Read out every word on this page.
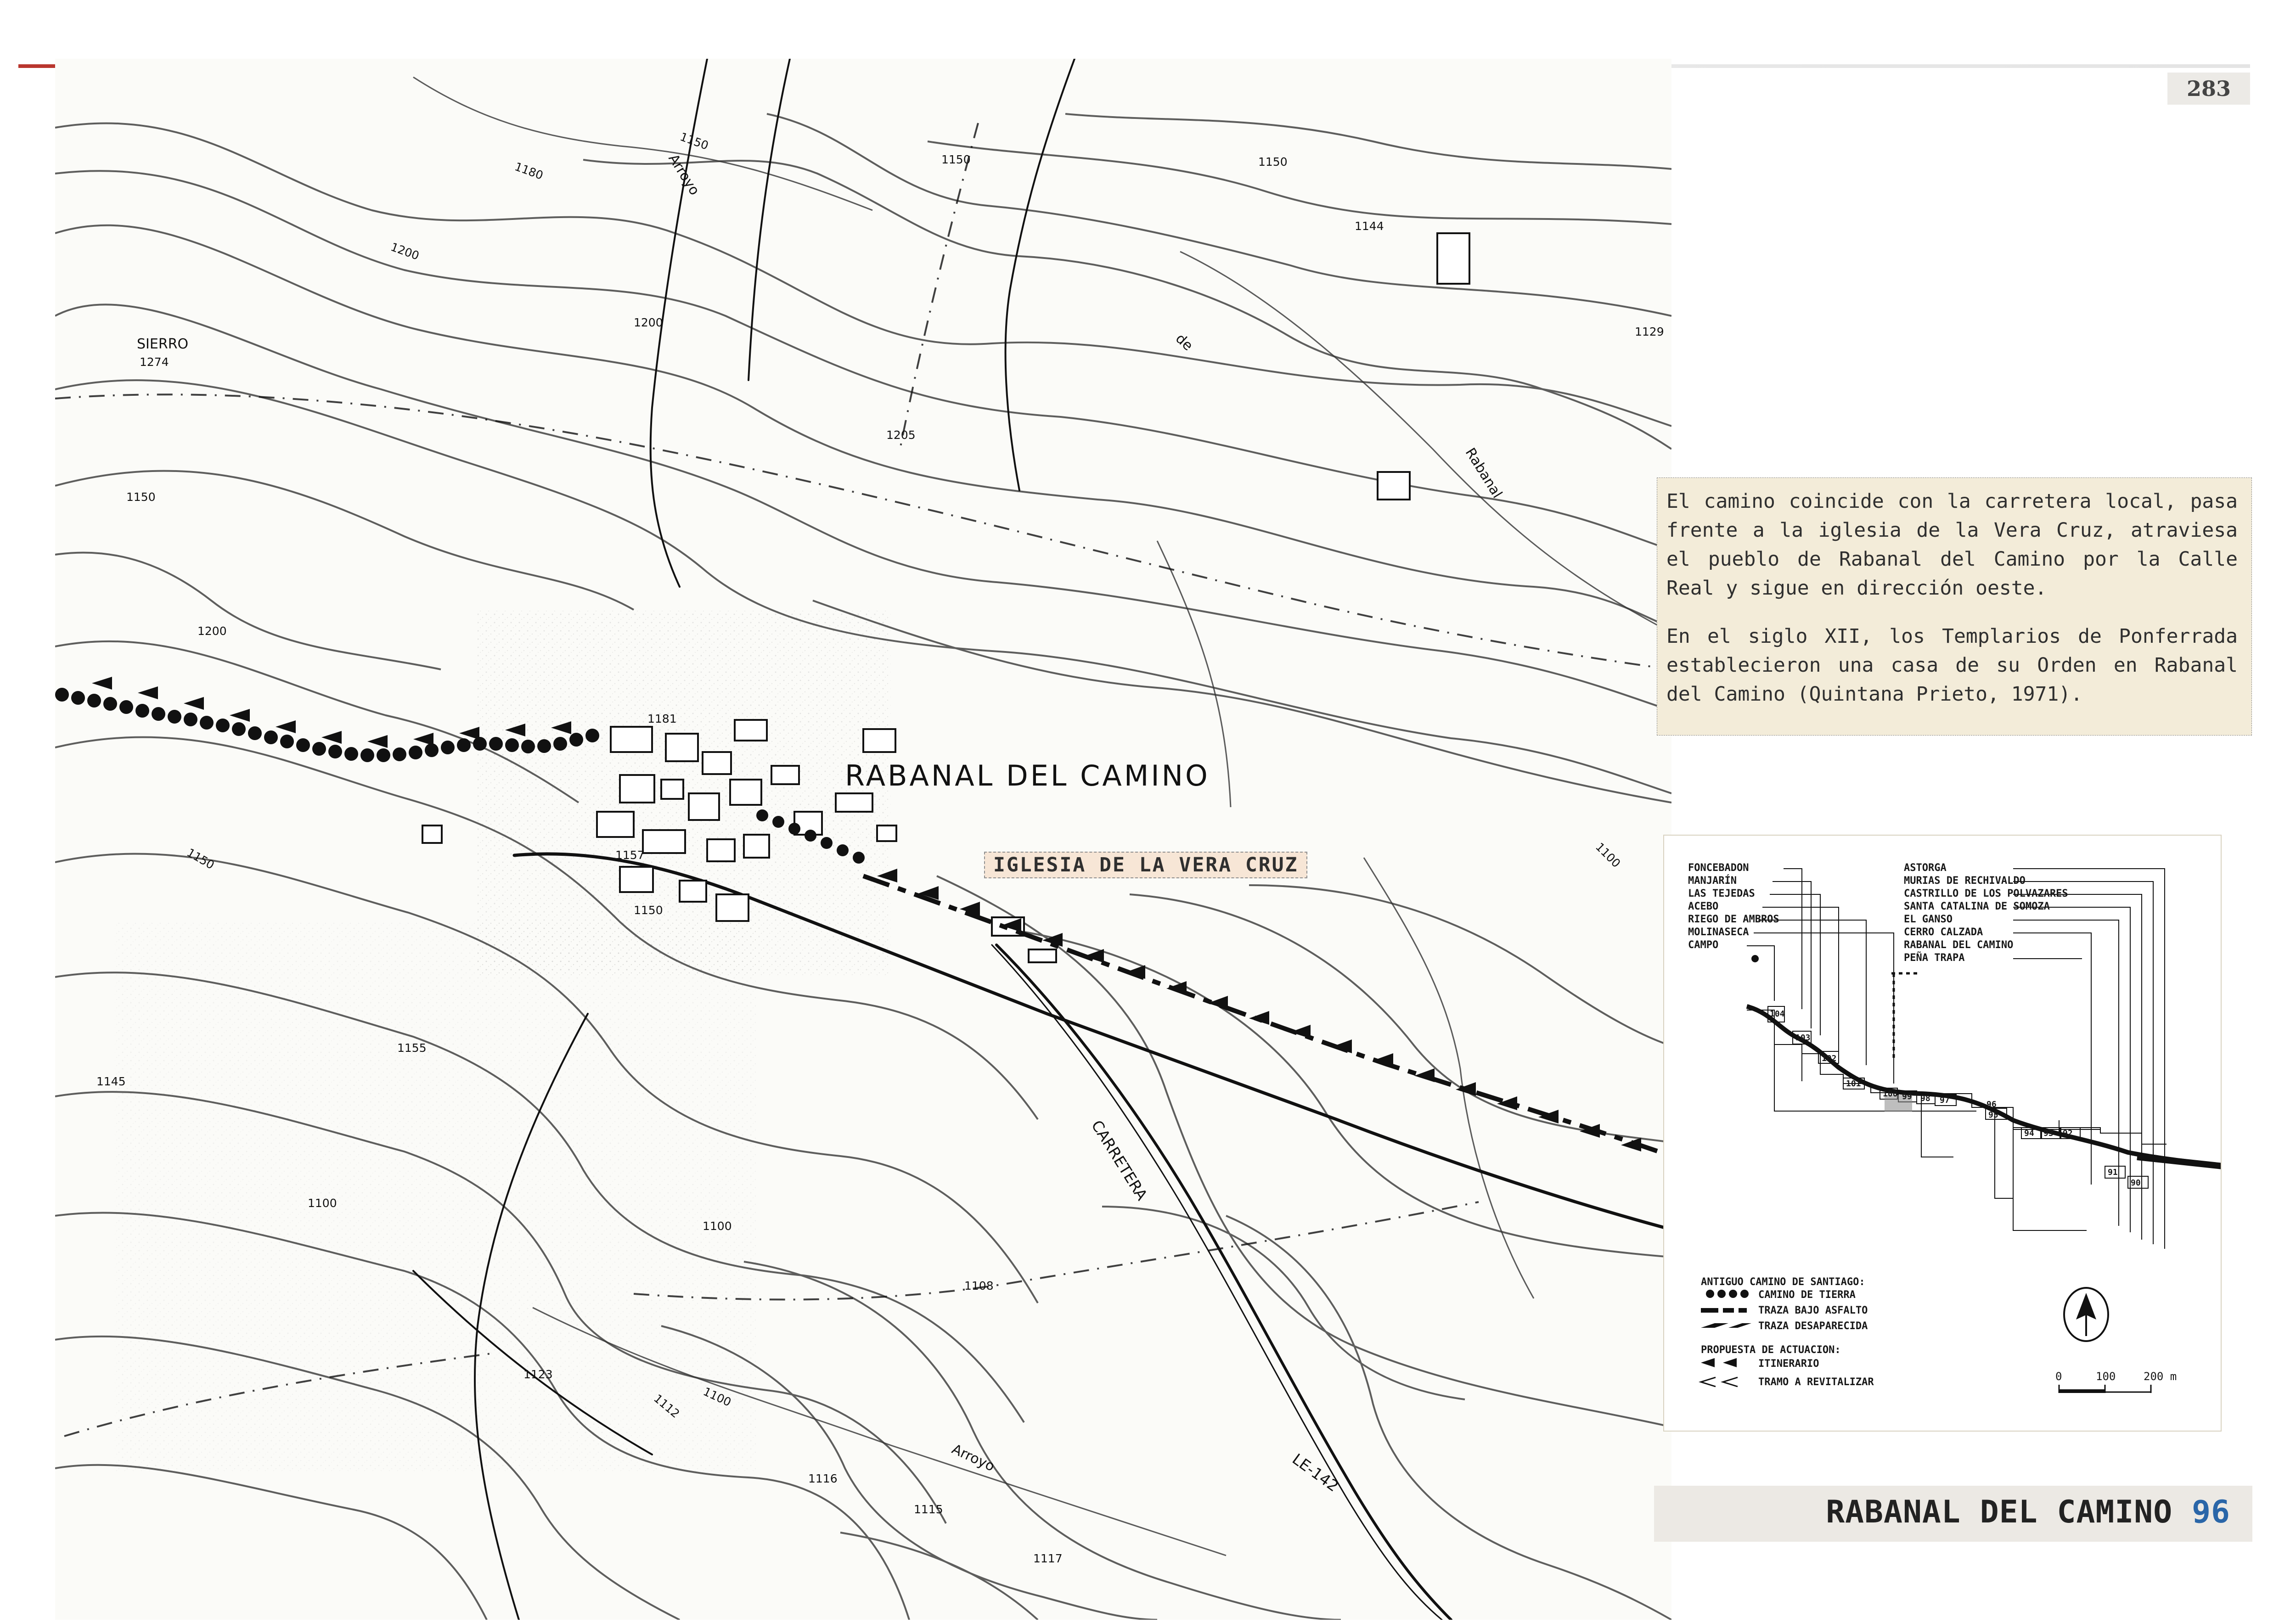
283
RABANAL DEL CAMINO
IGLESIA DE LA VERA CRUZ
SIERRO
1274
CARRETERA
LE-142
Arroyo
de
Rabanal
Arroyo
1150
1150	1150
1144
1129
1180
1200
1200
1205
1150
1200
1181
1157
1150
1150	1100
1155
1145
1100
1100
1108
1123
1112 1100
1116
1115
1117

El camino coincide con la carretera local, pasa frente a la iglesia de la Vera Cruz, atraviesa el pueblo de Rabanal del Camino por la Calle Real y sigue en dirección oeste.

En el siglo XII, los Templarios de Ponferrada establecieron una casa de su Orden en Rabanal del Camino (Quintana Prieto, 1971).

FONCEBADON
MANJARÍN
LAS TEJEDAS
ACEBO
RIEGO DE AMBROS
MOLINASECA
CAMPO
ASTORGA
MURIAS DE RECHIVALDO
CASTRILLO DE LOS POLVAZARES
SANTA CATALINA DE SOMOZA
EL GANSO
CERRO CALZADA
RABANAL DEL CAMINO
PEÑA TRAPA
104
103
102
101
100 99 98 97	96
95
94 93 92
91
90
ANTIGUO CAMINO DE SANTIAGO:
CAMINO DE TIERRA
TRAZA BAJO ASFALTO
TRAZA DESAPARECIDA
PROPUESTA DE ACTUACION:
ITINERARIO
TRAMO A REVITALIZAR	0	100	200 m
RABANAL DEL CAMINO 96
